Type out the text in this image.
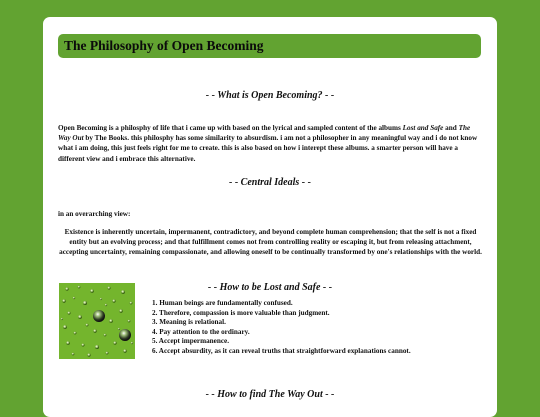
The Philosophy of Open Becoming
- - What is Open Becoming? - -
Open Becoming is a philosphy of life that i came up with based on the lyrical and sampled content of the albums Lost and Safe and The Way Out by The Books. this philosphy has some similarity to absurdism. i am not a philosopher in any meaningful way and i do not know what i am doing, this just feels right for me to create. this is also based on how i interept these albums. a smarter person will have a different view and i embrace this alternative.
- - Central Ideals - -
in an overarching view:
Existence is inherently uncertain, impermanent, contradictory, and beyond complete human comprehension; that the self is not a fixed entity but an evolving process; and that fulfillment comes not from controlling reality or escaping it, but from releasing attachment, accepting uncertainty, remaining compassionate, and allowing oneself to be continually transformed by one's relationships with the world.
- - How to be Lost and Safe - -
1. Human beings are fundamentally confused.
2. Therefore, compassion is more valuable than judgment.
3. Meaning is relational.
4. Pay attention to the ordinary.
5. Accept impermanence.
6. Accept absurdity, as it can reveal truths that straightforward explanations cannot.
- - How to find The Way Out - -
